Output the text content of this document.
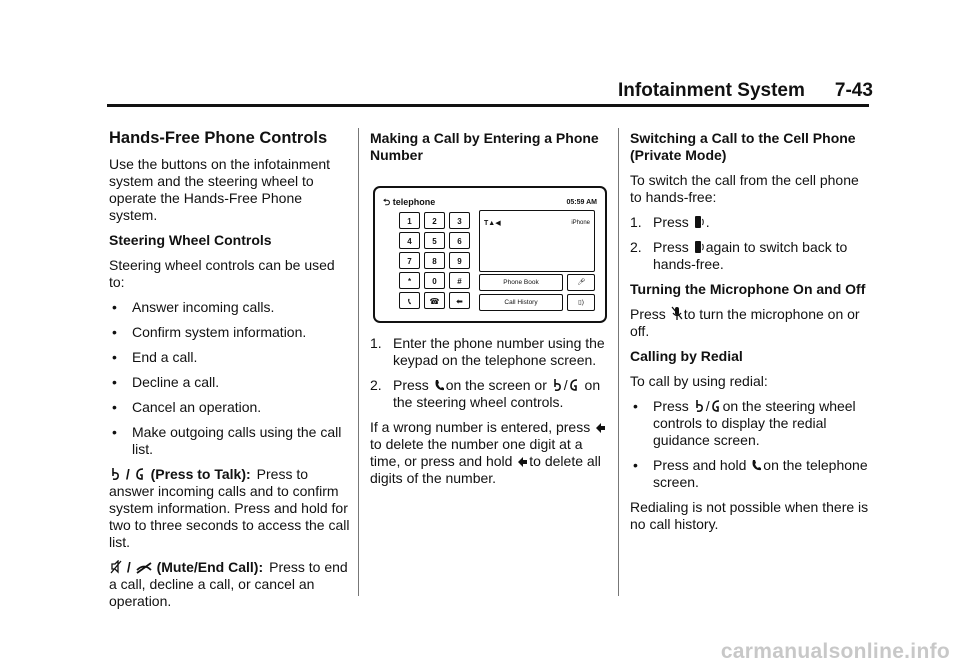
Infotainment System 7-43
Hands-Free Phone Controls

Use the buttons on the infotainment system and the steering wheel to operate the Hands-Free Phone system.

Steering Wheel Controls

Steering wheel controls can be used to:

• Answer incoming calls.
• Confirm system information.
• End a call.
• Decline a call.
• Cancel an operation.
• Make outgoing calls using the call list.

/ (Press to Talk): Press to answer incoming calls and to confirm system information. Press and hold for two to three seconds to access the call list.

/ (Mute/End Call): Press to end a call, decline a call, or cancel an operation.

Making a Call by Entering a Phone Number
⮌ telephone	05:59 AM
1	2	3
4	5	6
7	8	9
*	0	#
📞︎	☎︎	⬅︎
T▲◀	iPhone
Phone Book	🎤︎
Call History	▯)
1. Enter the phone number using the keypad on the telephone screen.
2. Press on the screen or / on the steering wheel controls.

If a wrong number is entered, press to delete the number one digit at a time, or press and hold to delete all digits of the number.

Switching a Call to the Cell Phone (Private Mode)

To switch the call from the cell phone to hands-free:

1. Press .
2. Press again to switch back to hands-free.
Turning the Microphone On and Off

Press to turn the microphone on or off.

Calling by Redial

To call by using redial:

• Press / on the steering wheel controls to display the redial guidance screen.
• Press and hold on the telephone screen.

Redialing is not possible when there is no call history.

carmanualsonline.info
